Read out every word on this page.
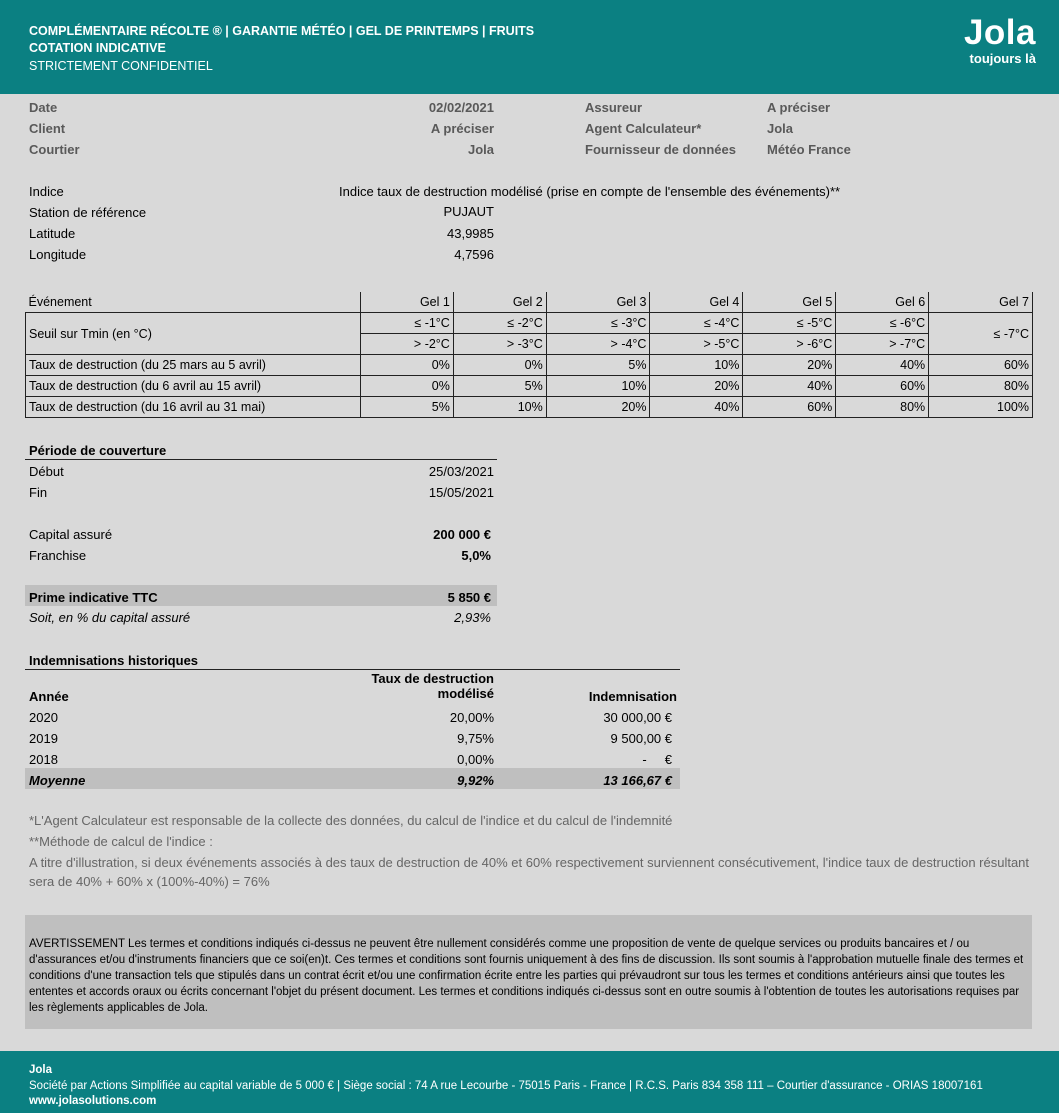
COMPLÉMENTAIRE RÉCOLTE ® | GARANTIE MÉTÉO | GEL DE PRINTEMPS | FRUITS
COTATION INDICATIVE
STRICTEMENT CONFIDENTIEL
Jola
toujours là
Date	02/02/2021
Client	A préciser
Courtier	Jola
Assureur	A préciser
Agent Calculateur*	Jola
Fournisseur de données Météo France
Indice	Indice taux de destruction modélisé (prise en compte de l'ensemble des événements)**
Station de référence	PUJAUT
Latitude	43,9985
Longitude	4,7596
Événement	Gel 1	Gel 2	Gel 3	Gel 4	Gel 5	Gel 6	Gel 7
Seuil sur Tmin (en °C)	≤ -1°C	≤ -2°C	≤ -3°C	≤ -4°C	≤ -5°C	≤ -6°C	≤ -7°C
	> -2°C	> -3°C	> -4°C	> -5°C	> -6°C	> -7°C	
Taux de destruction (du 25 mars au 5 avril)	0%	0%	5%	10%	20%	40%	60%
Taux de destruction (du 6 avril au 15 avril)	0%	5%	10%	20%	40%	60%	80%
Taux de destruction (du 16 avril au 31 mai)	5%	10%	20%	40%	60%	80%	100%
Période de couverture
Début	25/03/2021
Fin	15/05/2021
Capital assuré	200 000 €
Franchise	5,0%
Prime indicative TTC	5 850 €
Soit, en % du capital assuré	2,93%
Indemnisations historiques
Année
Taux de destruction
modélisé	Indemnisation
2020	20,00%	30 000,00 €
2019	9,75%	9 500,00 €
2018	0,00%	-     €
Moyenne	9,92%	13 166,67 €
*L'Agent Calculateur est responsable de la collecte des données, du calcul de l'indice et du calcul de l'indemnité
**Méthode de calcul de l'indice :
A titre d'illustration, si deux événements associés à des taux de destruction de 40% et 60% respectivement surviennent consécutivement, l'indice taux de destruction résultant
sera de 40% + 60% x (100%-40%) = 76%

AVERTISSEMENT Les termes et conditions indiqués ci-dessus ne peuvent être nullement considérés comme une proposition de vente de quelque services ou produits bancaires et / ou d'assurances et/ou d'instruments financiers que ce soi(en)t. Ces termes et conditions sont fournis uniquement à des fins de discussion. Ils sont soumis à l'approbation mutuelle finale des termes et conditions d'une transaction tels que stipulés dans un contrat écrit et/ou une confirmation écrite entre les parties qui prévaudront sur tous les termes et conditions antérieurs ainsi que toutes les ententes et accords oraux ou écrits concernant l'objet du présent document. Les termes et conditions indiqués ci-dessus sont en outre soumis à l'obtention de toutes les autorisations requises par les règlements applicables de Jola.

Jola
Société par Actions Simplifiée au capital variable de 5 000 € | Siège social : 74 A rue Lecourbe - 75015 Paris - France | R.C.S. Paris 834 358 111 – Courtier d'assurance - ORIAS 18007161
www.jolasolutions.com
